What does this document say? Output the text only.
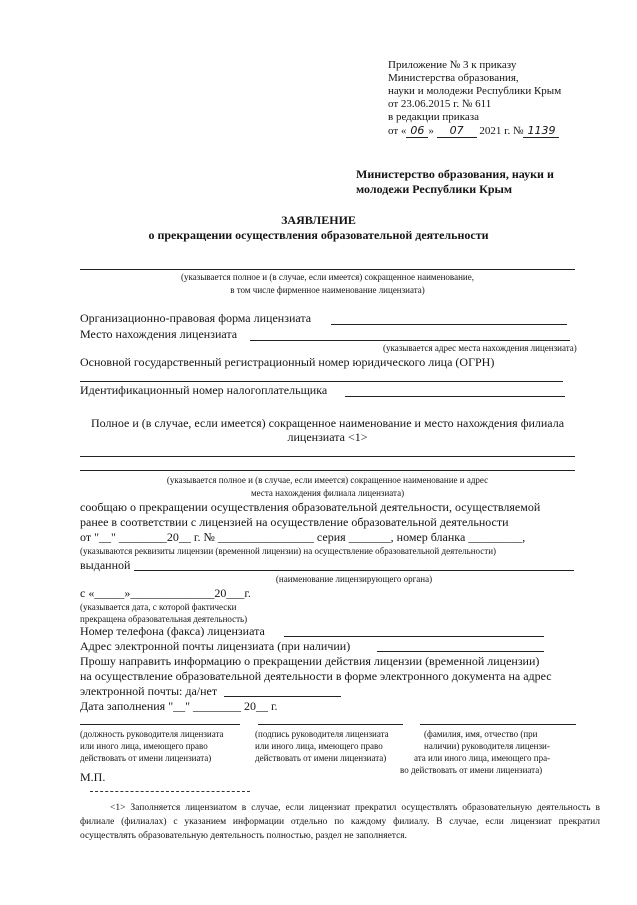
Приложение № 3 к приказу
Министерства образования,
науки и молодежи Республики Крым
от 23.06.2015 г. № 611
в редакции приказа
от « 06 » 07 2021 г. № 1139
Министерство образования, науки и
молодежи Республики Крым
ЗАЯВЛЕНИЕ
о прекращении осуществления образовательной деятельности
(указывается полное и (в случае, если имеется) сокращенное наименование,
в том числе фирменное наименование лицензиата)
Организационно-правовая форма лицензиата
Место нахождения лицензиата
(указывается адрес места нахождения лицензиата)
Основной государственный регистрационный номер юридического лица (ОГРН)
Идентификационный номер налогоплательщика
Полное и (в случае, если имеется) сокращенное наименование и место нахождения филиала
лицензиата <1>
(указывается полное и (в случае, если имеется) сокращенное наименование и адрес
места нахождения филиала лицензиата)
сообщаю о прекращении осуществления образовательной деятельности, осуществляемой
ранее в соответствии с лицензией на осуществление образовательной деятельности
от "__" ________20__ г. № ________________ серия _______, номер бланка _________,
(указываются реквизиты лицензии (временной лицензии) на осуществление образовательной деятельности)
выданной
(наименование лицензирующего органа)
с «_____»______________20___г.
(указывается дата, с которой фактически
прекращена образовательная деятельность)
Номер телефона (факса) лицензиата
Адрес электронной почты лицензиата (при наличии)
Прошу направить информацию о прекращении действия лицензии (временной лицензии)
на осуществление образовательной деятельности в форме электронного документа на адрес
электронной почты: да/нет
Дата заполнения "__" ________ 20__ г.
(должность руководителя лицензиата
или иного лица, имеющего право
действовать от имени лицензиата)
(подпись руководителя лицензиата
или иного лица, имеющего право
действовать от имени лицензиата)
(фамилия, имя, отчество (при
наличии) руководителя лицензи-
ата или иного лица, имеющего пра-
во действовать от имени лицензиата)
М.П.
<1> Заполняется лицензиатом в случае, если лицензиат прекратил осуществлять образовательную деятельность в филиале (филиалах) с указанием информации отдельно по каждому филиалу. В случае, если лицензиат прекратил осуществлять образовательную деятельность полностью, раздел не заполняется.
